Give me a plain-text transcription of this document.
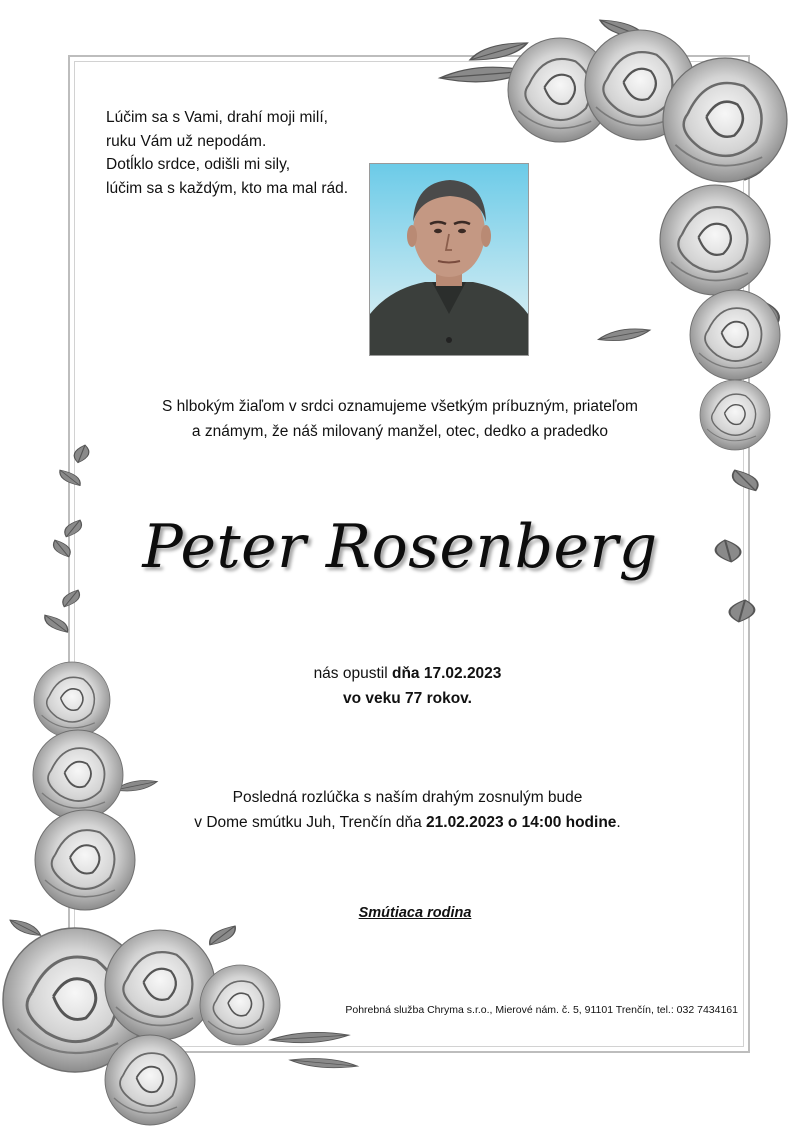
Lúčim sa s Vami, drahí moji milí,
ruku Vám už nepodám.
Dotĺklo srdce, odišli mi sily,
lúčim sa s každým, kto ma mal rád.
S hlbokým žiaľom v srdci oznamujeme všetkým príbuzným, priateľom
a známym, že náš milovaný manžel, otec, dedko a pradedko
Peter Rosenberg
nás opustil dňa 17.02.2023
vo veku 77 rokov.
Posledná rozlúčka s naším drahým zosnulým bude
v Dome smútku Juh, Trenčín dňa 21.02.2023 o 14:00 hodine.
Smútiaca rodina
Pohrebná služba Chryma s.r.o., Mierové nám. č. 5, 91101 Trenčín, tel.: 032 7434161
